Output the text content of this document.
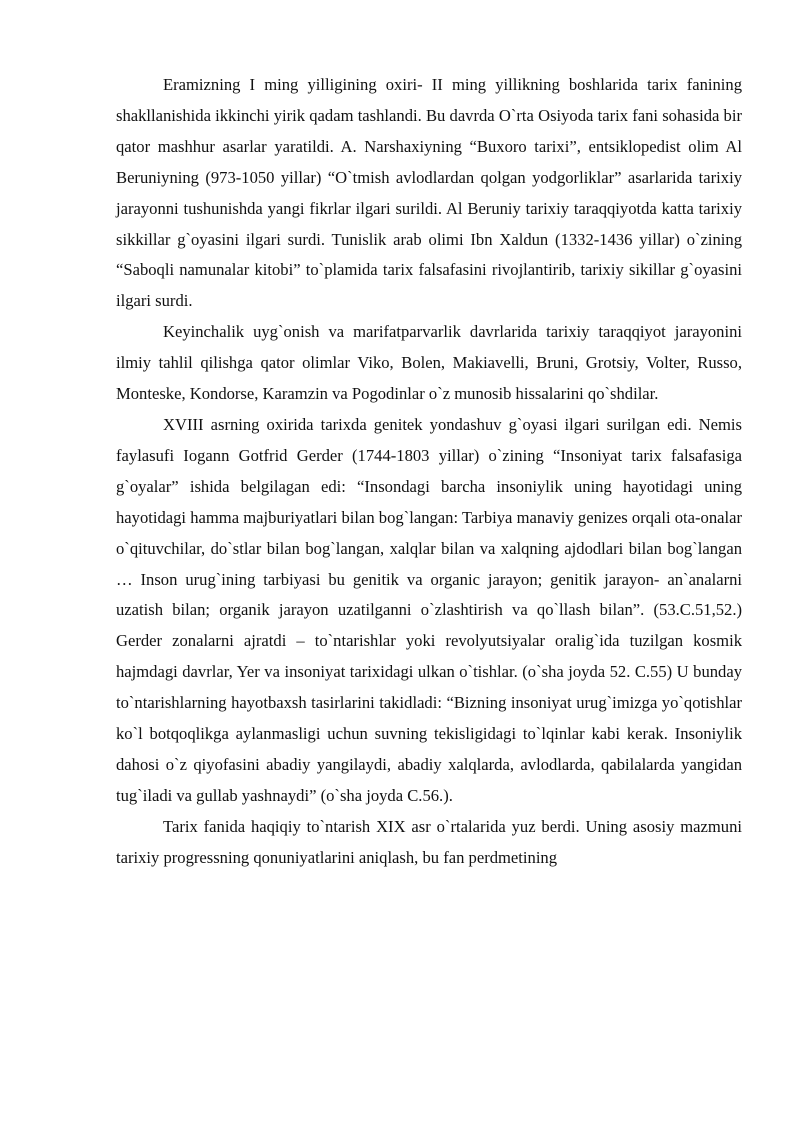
Eramizning I ming yilligining oxiri- II ming yillikning boshlarida tarix fanining shakllanishida ikkinchi yirik qadam tashlandi. Bu davrda O`rta Osiyoda tarix fani sohasida bir qator mashhur asarlar yaratildi. A. Narshaxiyning “Buxoro tarixi”, entsiklopedist olim Al Beruniyning (973-1050 yillar) “O`tmish avlodlardan qolgan yodgorliklar” asarlarida tarixiy jarayonni tushunishda yangi fikrlar ilgari surildi. Al Beruniy tarixiy taraqqiyotda katta tarixiy sikkillar g`oyasini ilgari surdi. Tunislik arab olimi Ibn Xaldun (1332-1436 yillar) o`zining “Saboqli namunalar kitobi” to`plamida tarix falsafasini rivojlantirib, tarixiy sikillar g`oyasini ilgari surdi.

Keyinchalik uyg`onish va marifatparvarlik davrlarida tarixiy taraqqiyot jarayonini ilmiy tahlil qilishga qator olimlar Viko, Bolen, Makiavelli, Bruni, Grotsiy, Volter, Russo, Monteske, Kondorse, Karamzin va Pogodinlar o`z munosib hissalarini qo`shdilar.

XVIII asrning oxirida tarixda genitek yondashuv g`oyasi ilgari surilgan edi. Nemis faylasufi Iogann Gotfrid Gerder (1744-1803 yillar) o`zining “Insoniyat tarix falsafasiga g`oyalar” ishida belgilagan edi: “Insondagi barcha insoniylik uning hayotidagi uning hayotidagi hamma majburiyatlari bilan bog`langan: Tarbiya manaviy genizes orqali ota-onalar o`qituvchilar, do`stlar bilan bog`langan, xalqlar bilan va xalqning ajdodlari bilan bog`langan … Inson urug`ining tarbiyasi bu genitik va organic jarayon; genitik jarayon- an`analarni uzatish bilan; organik jarayon uzatilganni o`zlashtirish va qo`llash bilan”. (53.C.51,52.) Gerder zonalarni ajratdi – to`ntarishlar yoki revolyutsiyalar oralig`ida tuzilgan kosmik hajmdagi davrlar, Yer va insoniyat tarixidagi ulkan o`tishlar. (o`sha joyda 52. C.55) U bunday to`ntarishlarning hayotbaxsh tasirlarini takidladi: “Bizning insoniyat urug`imizga yo`qotishlar ko`l botqoqlikga aylanmasligi uchun suvning tekisligidagi to`lqinlar kabi kerak. Insoniylik dahosi o`z qiyofasini abadiy yangilaydi, abadiy xalqlarda, avlodlarda, qabilalarda yangidan tug`iladi va gullab yashnaydi” (o`sha joyda C.56.).

Tarix fanida haqiqiy to`ntarish XIX asr o`rtalarida yuz berdi. Uning asosiy mazmuni tarixiy progressning qonuniyatlarini aniqlash, bu fan perdmetining
